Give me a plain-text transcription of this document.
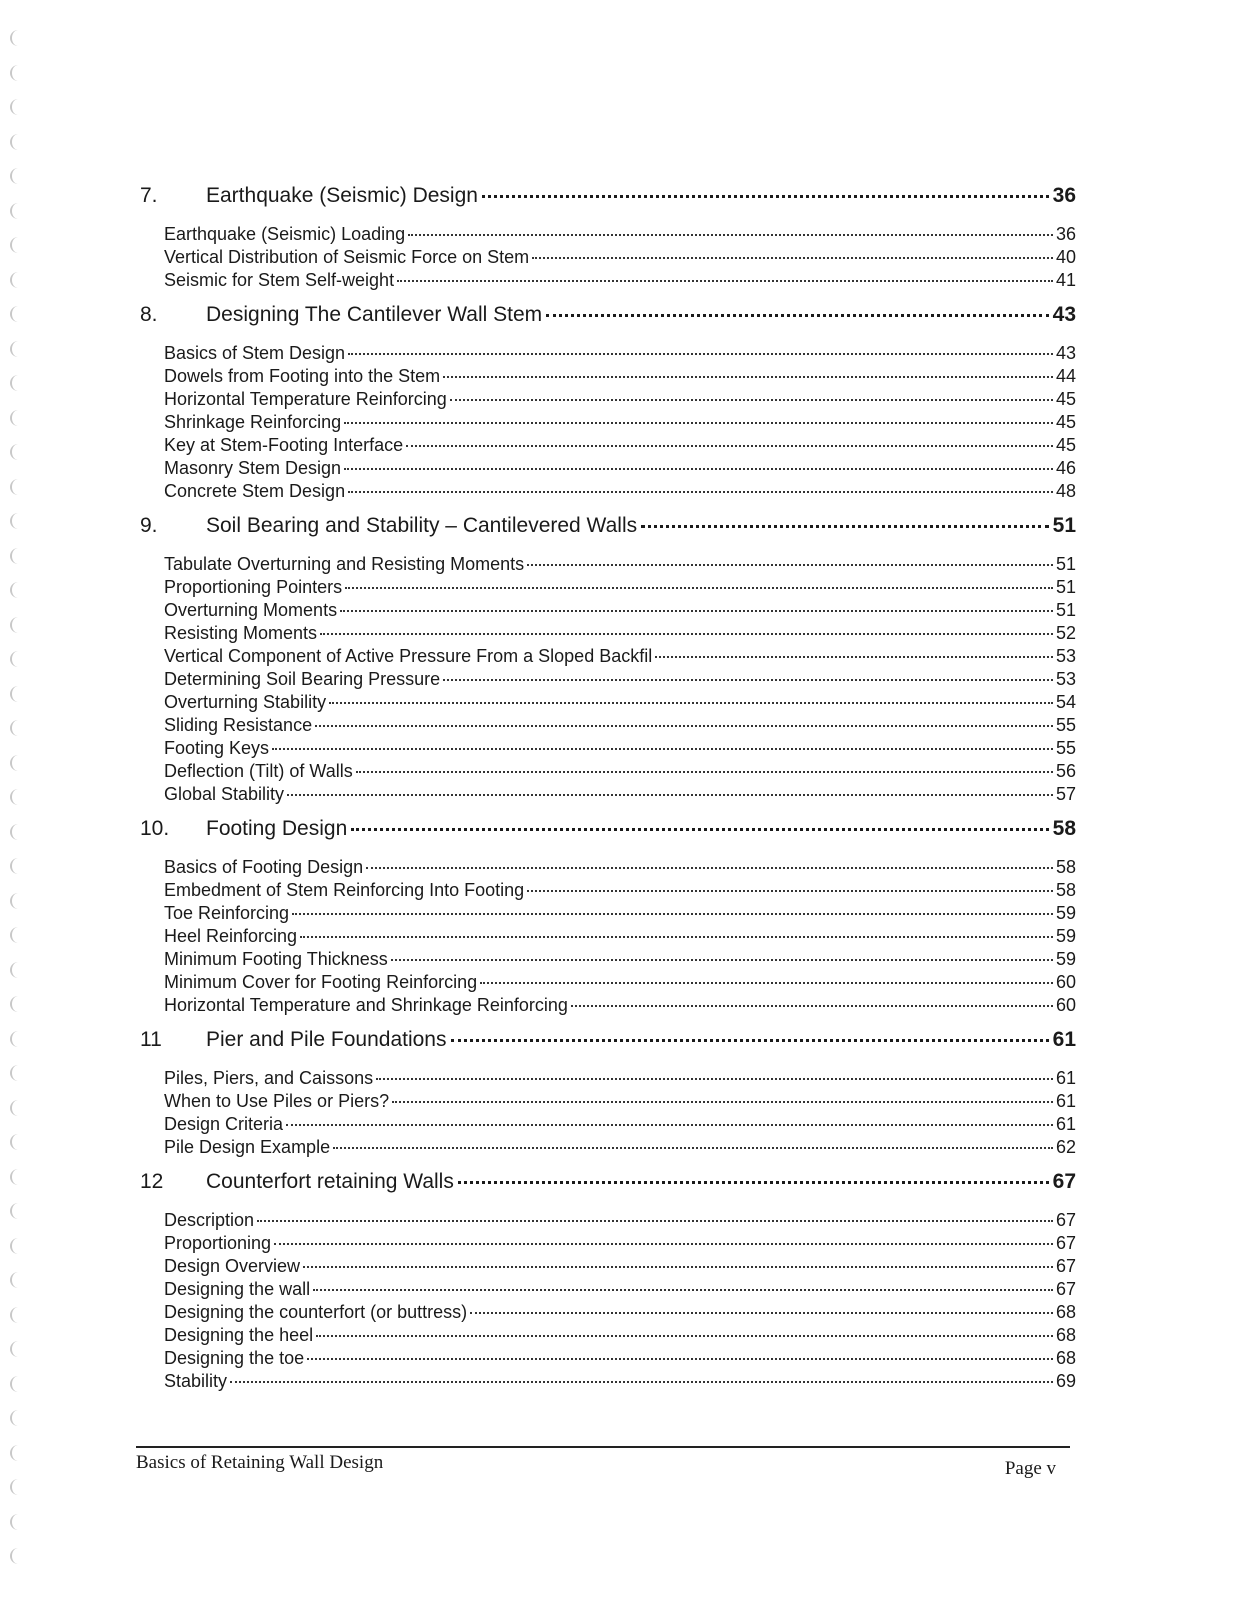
7.	Earthquake (Seismic) Design	36
Earthquake (Seismic) Loading	36
Vertical Distribution of Seismic Force on Stem	40
Seismic for Stem Self-weight	41
8.	Designing The Cantilever Wall Stem	43
Basics of Stem Design	43
Dowels from Footing into the Stem	44
Horizontal Temperature Reinforcing	45
Shrinkage Reinforcing	45
Key at Stem-Footing Interface	45
Masonry Stem Design	46
Concrete Stem Design	48
9.	Soil Bearing and Stability – Cantilevered Walls	51
Tabulate Overturning and Resisting Moments	51
Proportioning Pointers	51
Overturning Moments	51
Resisting Moments	52
Vertical Component of Active Pressure From a Sloped Backfil	53
Determining Soil Bearing Pressure	53
Overturning Stability	54
Sliding Resistance	55
Footing Keys	55
Deflection (Tilt) of Walls	56
Global Stability	57
10.	Footing Design	58
Basics of Footing Design	58
Embedment of Stem Reinforcing Into Footing	58
Toe Reinforcing	59
Heel Reinforcing	59
Minimum Footing Thickness	59
Minimum Cover for Footing Reinforcing	60
Horizontal Temperature and Shrinkage Reinforcing	60
11	Pier and Pile Foundations	61
Piles, Piers, and Caissons	61
When to Use Piles or Piers?	61
Design Criteria	61
Pile Design Example	62
12	Counterfort retaining Walls	67
Description	67
Proportioning	67
Design Overview	67
Designing the wall	67
Designing the counterfort (or buttress)	68
Designing the heel	68
Designing the toe	68
Stability	69
Basics of Retaining Wall Design	Page v
